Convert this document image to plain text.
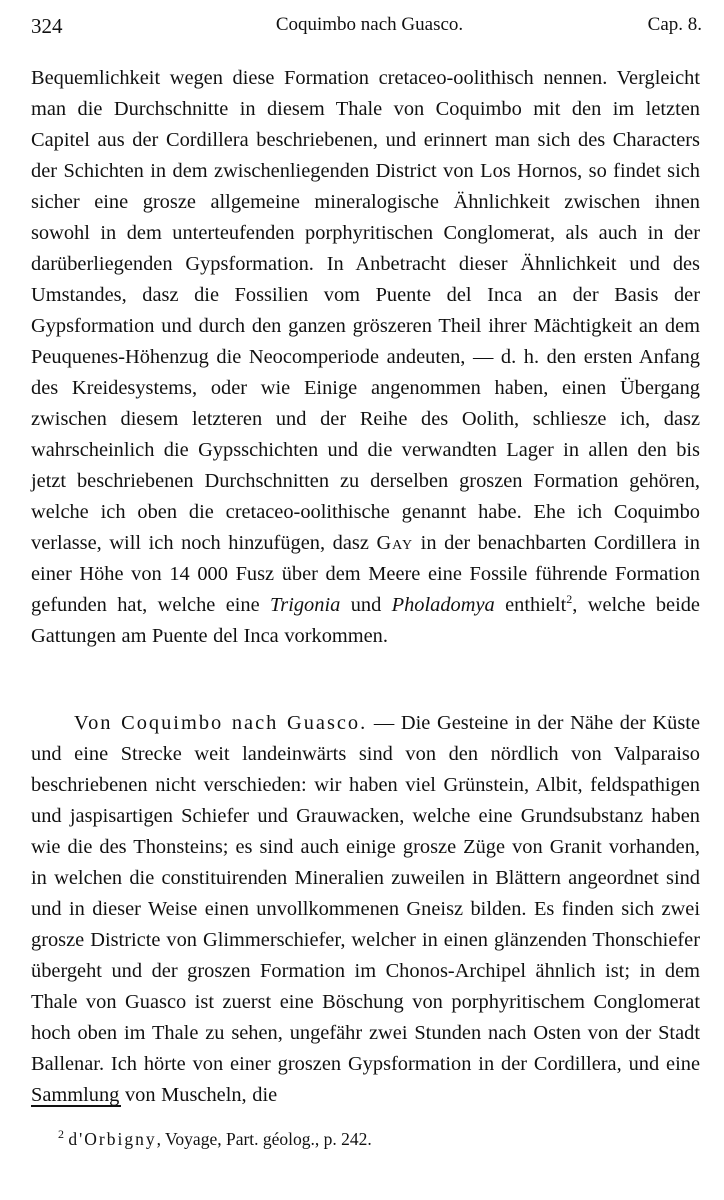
324	Coquimbo nach Guasco.	Cap. 8.

Bequemlichkeit wegen diese Formation cretaceo-oolithisch nennen. Vergleicht man die Durchschnitte in diesem Thale von Coquimbo mit den im letzten Capitel aus der Cordillera beschriebenen, und erinnert man sich des Characters der Schichten in dem zwischenliegenden District von Los Hornos, so findet sich sicher eine grosze allgemeine mineralogische Ähnlichkeit zwischen ihnen sowohl in dem unterteufenden porphyritischen Conglomerat, als auch in der darüberliegenden Gypsformation. In Anbetracht dieser Ähnlichkeit und des Umstandes, dasz die Fossilien vom Puente del Inca an der Basis der Gypsformation und durch den ganzen gröszeren Theil ihrer Mächtigkeit an dem Peuquenes-Höhenzug die Neocomperiode andeuten, — d. h. den ersten Anfang des Kreidesystems, oder wie Einige angenommen haben, einen Übergang zwischen diesem letzteren und der Reihe des Oolith, schliesze ich, dasz wahrscheinlich die Gypsschichten und die verwandten Lager in allen den bis jetzt beschriebenen Durchschnitten zu derselben groszen Formation gehören, welche ich oben die cretaceo-oolithische genannt habe. Ehe ich Coquimbo verlasse, will ich noch hinzufügen, dasz Gay in der benachbarten Cordillera in einer Höhe von 14 000 Fusz über dem Meere eine Fossile führende Formation gefunden hat, welche eine Trigonia und Pholadomya enthielt$^2$, welche beide Gattungen am Puente del Inca vorkommen.

Von Coquimbo nach Guasco. — Die Gesteine in der Nähe der Küste und eine Strecke weit landeinwärts sind von den nördlich von Valparaiso beschriebenen nicht verschieden: wir haben viel Grünstein, Albit, feldspathigen und jaspisartigen Schiefer und Grauwacken, welche eine Grundsubstanz haben wie die des Thonsteins; es sind auch einige grosze Züge von Granit vorhanden, in welchen die constituirenden Mineralien zuweilen in Blättern angeordnet sind und in dieser Weise einen unvollkommenen Gneisz bilden. Es finden sich zwei grosze Districte von Glimmerschiefer, welcher in einen glänzenden Thonschiefer übergeht und der groszen Formation im Chonos-Archipel ähnlich ist; in dem Thale von Guasco ist zuerst eine Böschung von porphyritischem Conglomerat hoch oben im Thale zu sehen, ungefähr zwei Stunden nach Osten von der Stadt Ballenar. Ich hörte von einer groszen Gypsformation in der Cordillera, und eine Sammlung von Muscheln, die

$^2$ d'Orbigny, Voyage, Part. géolog., p. 242.
